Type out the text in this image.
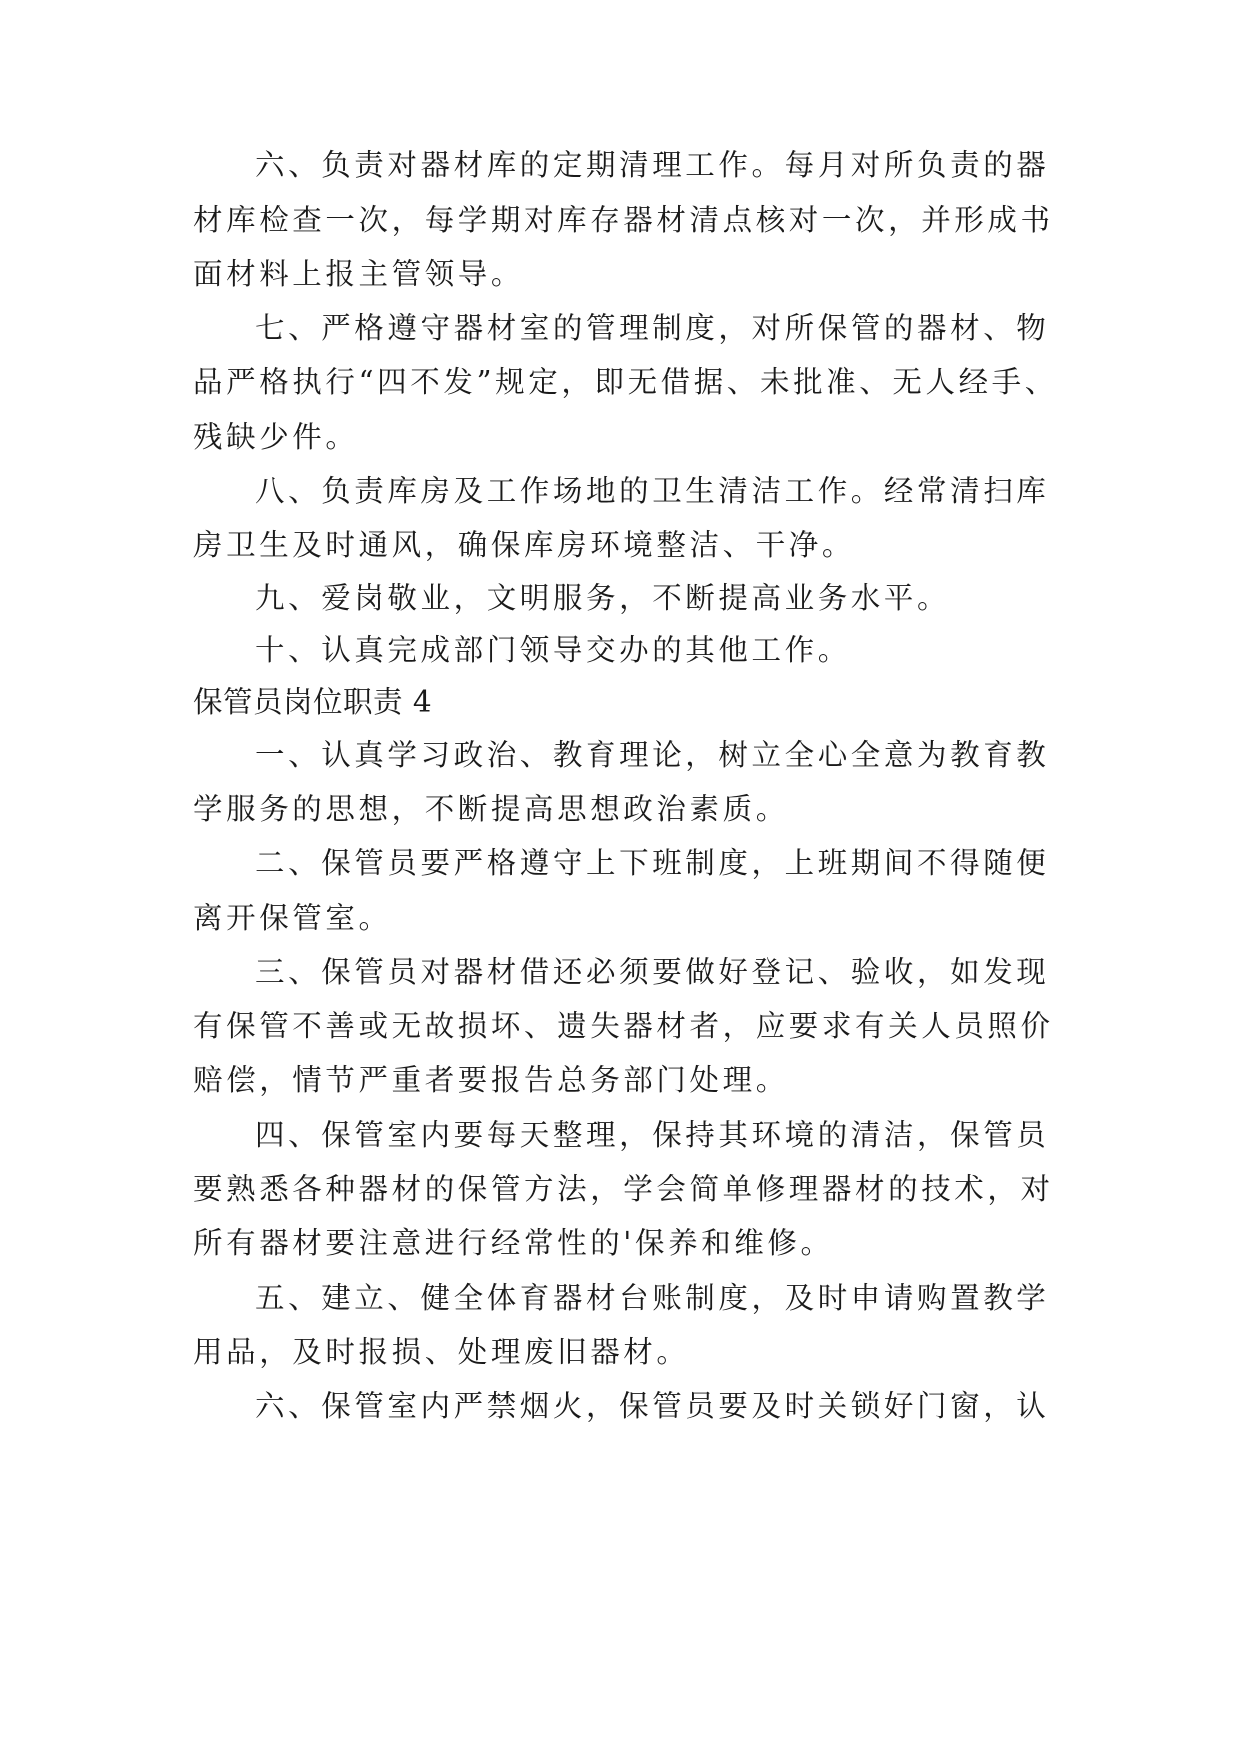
六、负责对器材库的定期清理工作。每月对所负责的器
材库检查一次，每学期对库存器材清点核对一次，并形成书
面材料上报主管领导。
七、严格遵守器材室的管理制度，对所保管的器材、物
品严格执行“四不发”规定，即无借据、未批准、无人经手、
残缺少件。
八、负责库房及工作场地的卫生清洁工作。经常清扫库
房卫生及时通风，确保库房环境整洁、干净。
九、爱岗敬业，文明服务，不断提高业务水平。
十、认真完成部门领导交办的其他工作。
保管员岗位职责 4
一、认真学习政治、教育理论，树立全心全意为教育教
学服务的思想，不断提高思想政治素质。
二、保管员要严格遵守上下班制度，上班期间不得随便
离开保管室。
三、保管员对器材借还必须要做好登记、验收，如发现
有保管不善或无故损坏、遗失器材者，应要求有关人员照价
赔偿，情节严重者要报告总务部门处理。
四、保管室内要每天整理，保持其环境的清洁，保管员
要熟悉各种器材的保管方法，学会简单修理器材的技术，对
所有器材要注意进行经常性的'保养和维修。
五、建立、健全体育器材台账制度，及时申请购置教学
用品，及时报损、处理废旧器材。
六、保管室内严禁烟火，保管员要及时关锁好门窗，认
